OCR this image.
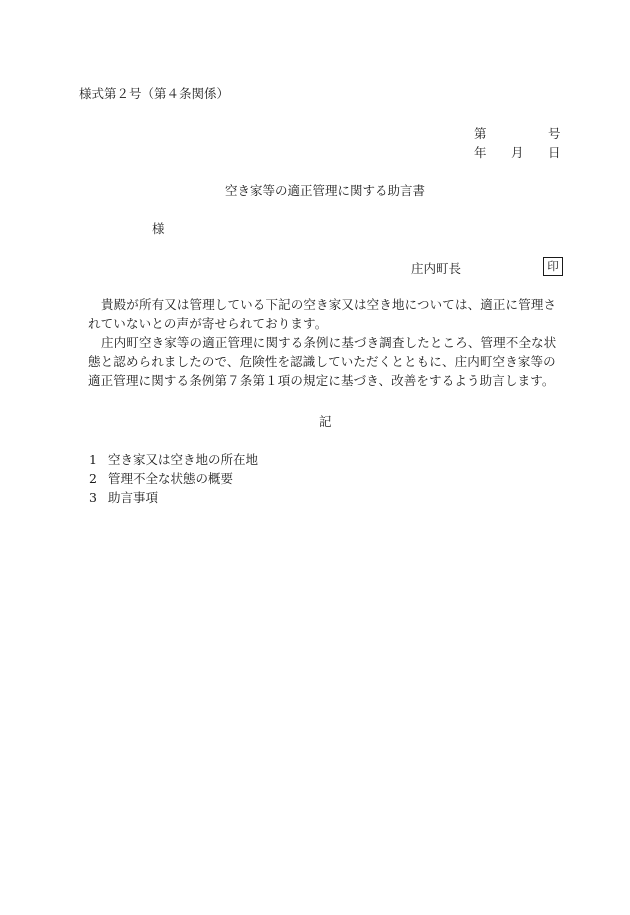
様式第２号（第４条関係）
第	号
年 月 日
空き家等の適正管理に関する助言書
様
庄内町長	印
貴殿が所有又は管理している下記の空き家又は空き地については、適正に管理されていないとの声が寄せられております。
庄内町空き家等の適正管理に関する条例に基づき調査したところ、管理不全な状態と認められましたので、危険性を認識していただくとともに、庄内町空き家等の適正管理に関する条例第７条第１項の規定に基づき、改善をするよう助言します。
記
1 空き家又は空き地の所在地
2 管理不全な状態の概要
3 助言事項
